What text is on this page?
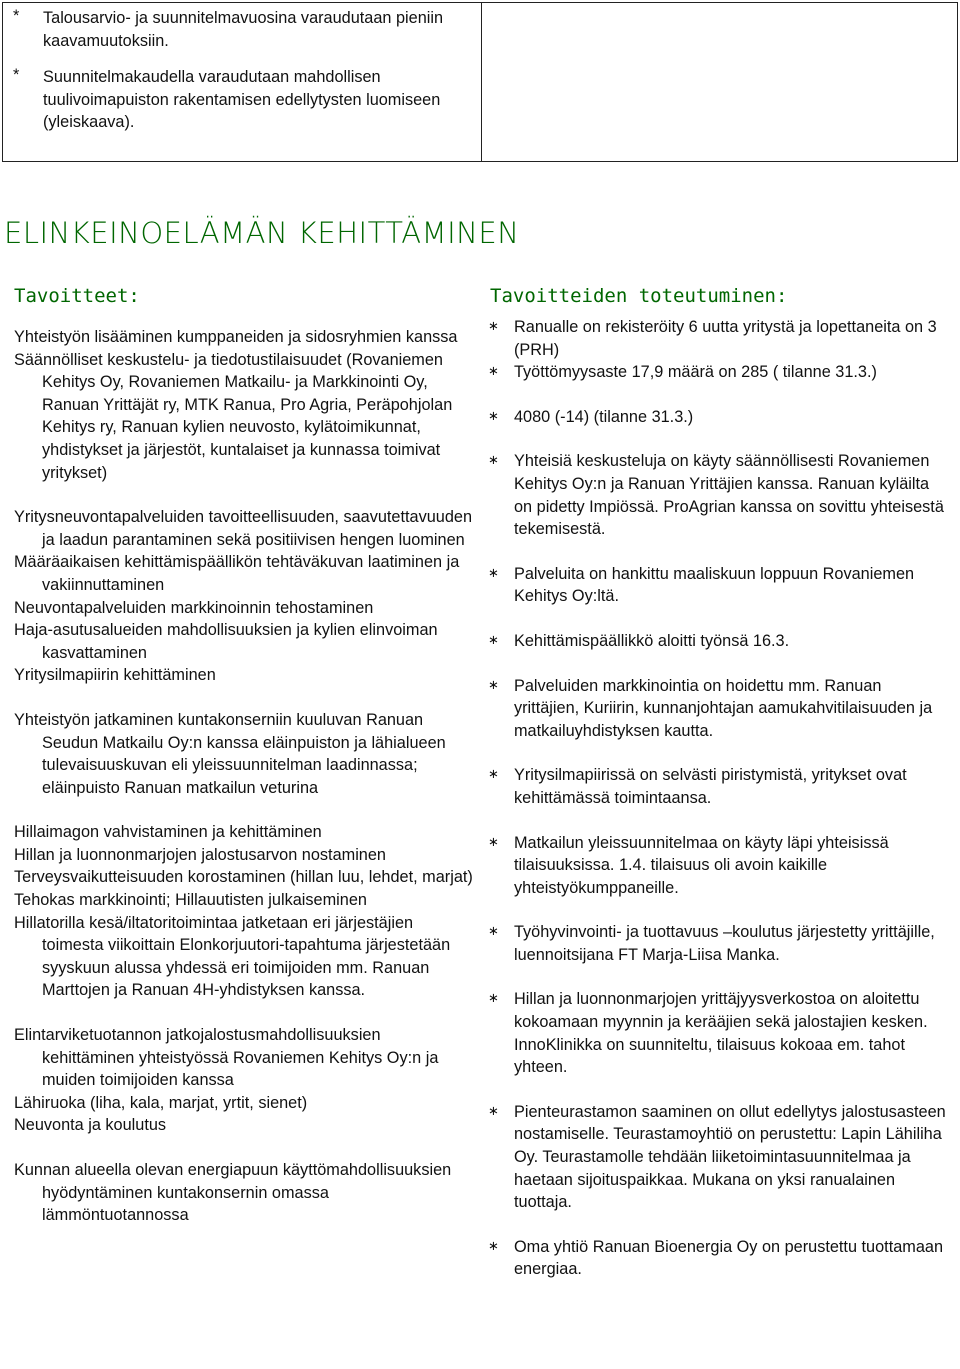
* Talousarvio- ja suunnitelmavuosina varaudutaan pieniin kaavamuutoksiin.
* Suunnitelmakaudella varaudutaan mahdollisen tuulivoimapuiston rakentamisen edellytysten luomiseen (yleiskaava).
ELINKEINOELÄMÄN KEHITTÄMINEN
Tavoitteet:	Tavoitteiden toteutuminen:
Yhteistyön lisääminen kumppaneiden ja sidosryhmien kanssa
Säännölliset keskustelu- ja tiedotustilaisuudet (Rovaniemen Kehitys Oy, Rovaniemen Matkailu- ja Markkinointi Oy, Ranuan Yrittäjät ry, MTK Ranua, Pro Agria, Peräpohjolan Kehitys ry, Ranuan kylien neuvosto, kylätoimikunnat, yhdistykset ja järjestöt, kuntalaiset ja kunnassa toimivat yritykset)
Yritysneuvontapalveluiden tavoitteellisuuden, saavutettavuuden ja laadun parantaminen sekä positiivisen hengen luominen
Määräaikaisen kehittämispäällikön tehtäväkuvan laatiminen ja vakiinnuttaminen
Neuvontapalveluiden markkinoinnin tehostaminen
Haja-asutusalueiden mahdollisuuksien ja kylien elinvoiman kasvattaminen
Yritysilmapiirin kehittäminen
Yhteistyön jatkaminen kuntakonserniin kuuluvan Ranuan Seudun Matkailu Oy:n kanssa eläinpuiston ja lähialueen tulevaisuuskuvan eli yleissuunnitelman laadinnassa; eläinpuisto Ranuan matkailun veturina
Hillaimagon vahvistaminen ja kehittäminen
Hillan ja luonnonmarjojen jalostusarvon nostaminen
Terveysvaikutteisuuden korostaminen (hillan luu, lehdet, marjat)
Tehokas markkinointi; Hillauutisten julkaiseminen
Hillatorilla kesä/iltatoritoimintaa jatketaan eri järjestäjien toimesta viikoittain Elonkorjuutori-tapahtuma järjestetään syyskuun alussa yhdessä eri toimijoiden mm. Ranuan Marttojen ja Ranuan 4H-yhdistyksen kanssa.
Elintarviketuotannon jatkojalostusmahdollisuuksien kehittäminen yhteistyössä Rovaniemen Kehitys Oy:n ja muiden toimijoiden kanssa
Lähiruoka (liha, kala, marjat, yrtit, sienet)
Neuvonta ja koulutus
Kunnan alueella olevan energiapuun käyttömahdollisuuksien hyödyntäminen kuntakonsernin omassa lämmöntuotannossa
∗ Ranualle on rekisteröity 6 uutta yritystä ja lopettaneita on 3 (PRH)
∗ Työttömyysaste 17,9 määrä on 285 ( tilanne 31.3.)
∗ 4080 (-14) (tilanne 31.3.)
∗ Yhteisiä keskusteluja on käyty säännöllisesti Rovaniemen Kehitys Oy:n ja Ranuan Yrittäjien kanssa. Ranuan kyläilta on pidetty Impiössä. ProAgrian kanssa on sovittu yhteisestä tekemisestä.
∗ Palveluita on hankittu maaliskuun loppuun Rovaniemen Kehitys Oy:ltä.
∗ Kehittämispäällikkö aloitti työnsä 16.3.
∗ Palveluiden markkinointia on hoidettu mm. Ranuan yrittäjien, Kuriirin, kunnanjohtajan aamukahvitilaisuuden ja matkailuyhdistyksen kautta.
∗ Yritysilmapiirissä on selvästi piristymistä, yritykset ovat kehittämässä toimintaansa.
∗ Matkailun yleissuunnitelmaa on käyty läpi yhteisissä tilaisuuksissa. 1.4. tilaisuus oli avoin kaikille yhteistyökumppaneille.
∗ Työhyvinvointi- ja tuottavuus –koulutus järjestetty yrittäjille, luennoitsijana FT Marja-Liisa Manka.
∗ Hillan ja luonnonmarjojen yrittäjyysverkostoa on aloitettu kokoamaan myynnin ja kerääjien sekä jalostajien kesken. InnoKlinikka on suunniteltu, tilaisuus kokoaa em. tahot yhteen.
∗ Pienteurastamon saaminen on ollut edellytys jalostusasteen nostamiselle. Teurastamoyhtiö on perustettu: Lapin Lähiliha Oy. Teurastamolle tehdään liiketoimintasuunnitelmaa ja haetaan sijoituspaikkaa. Mukana on yksi ranualainen tuottaja.
∗ Oma yhtiö Ranuan Bioenergia Oy on perustettu tuottamaan energiaa.
